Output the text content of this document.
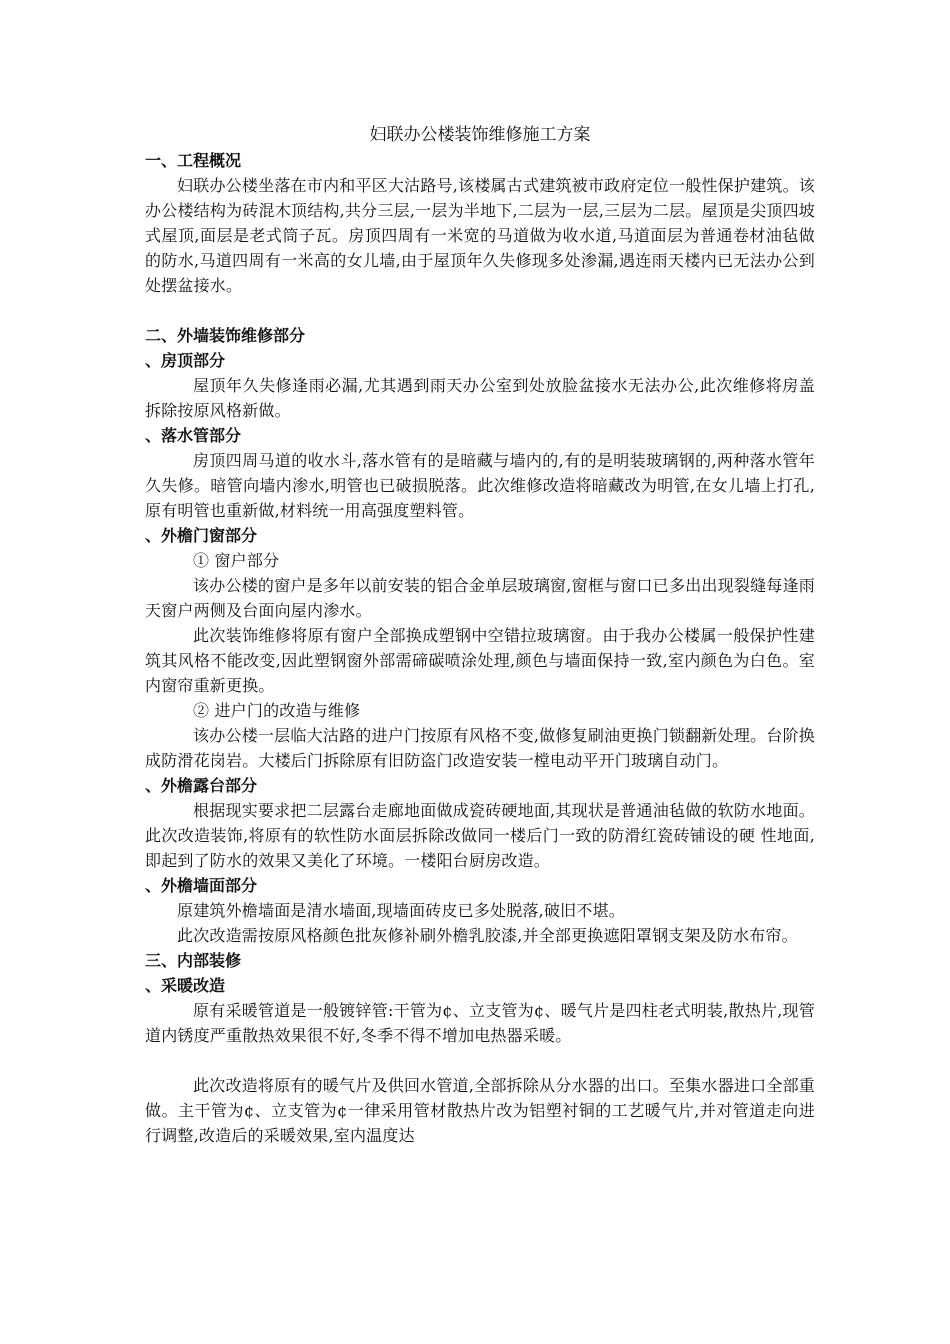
妇联办公楼装饰维修施工方案
一、工程概况

妇联办公楼坐落在市内和平区大沽路号,该楼属古式建筑被市政府定位一般性保护建筑。该办公楼结构为砖混木顶结构,共分三层,一层为半地下,二层为一层,三层为二层。屋顶是尖顶四坡式屋顶,面层是老式筒子瓦。房顶四周有一米宽的马道做为收水道,马道面层为普通卷材油毡做的防水,马道四周有一米高的女儿墙,由于屋顶年久失修现多处渗漏,遇连雨天楼内已无法办公到处摆盆接水。

二、外墙装饰维修部分
、房顶部分

屋顶年久失修逢雨必漏,尤其遇到雨天办公室到处放脸盆接水无法办公,此次维修将房盖拆除按原风格新做。

、落水管部分

房顶四周马道的收水斗,落水管有的是暗藏与墙内的,有的是明装玻璃钢的,两种落水管年久失修。暗管向墙内渗水,明管也已破损脱落。此次维修改造将暗藏改为明管,在女儿墙上打孔,原有明管也重新做,材料统一用高强度塑料管。

、外檐门窗部分

① 窗户部分

该办公楼的窗户是多年以前安装的铝合金单层玻璃窗,窗框与窗口已多出出现裂缝每逢雨天窗户两侧及台面向屋内渗水。

此次装饰维修将原有窗户全部换成塑钢中空错拉玻璃窗。由于我办公楼属一般保护性建筑其风格不能改变,因此塑钢窗外部需碲碳喷涂处理,颜色与墙面保持一致,室内颜色为白色。室内窗帘重新更换。

② 进户门的改造与维修

该办公楼一层临大沽路的进户门按原有风格不变,做修复刷油更换门锁翻新处理。台阶换成防滑花岗岩。大楼后门拆除原有旧防盗门改造安装一樘电动平开门玻璃自动门。

、外檐露台部分

根据现实要求把二层露台走廊地面做成瓷砖硬地面,其现状是普通油毡做的软防水地面。此次改造装饰,将原有的软性防水面层拆除改做同一楼后门一致的防滑红瓷砖铺设的硬 性地面,即起到了防水的效果又美化了环境。一楼阳台厨房改造。

、外檐墙面部分

原建筑外檐墙面是清水墙面,现墙面砖皮已多处脱落,破旧不堪。

此次改造需按原风格颜色批灰修补刷外檐乳胶漆,并全部更换遮阳罩钢支架及防水布帘。

三、内部装修
、采暖改造

原有采暖管道是一般镀锌管:干管为¢、立支管为¢、暖气片是四柱老式明装,散热片,现管道内锈度严重散热效果很不好,冬季不得不增加电热器采暖。

此次改造将原有的暖气片及供回水管道,全部拆除从分水器的出口。至集水器进口全部重做。主干管为¢、立支管为¢一律采用管材散热片改为铝塑衬铜的工艺暖气片,并对管道走向进行调整,改造后的采暖效果,室内温度达
